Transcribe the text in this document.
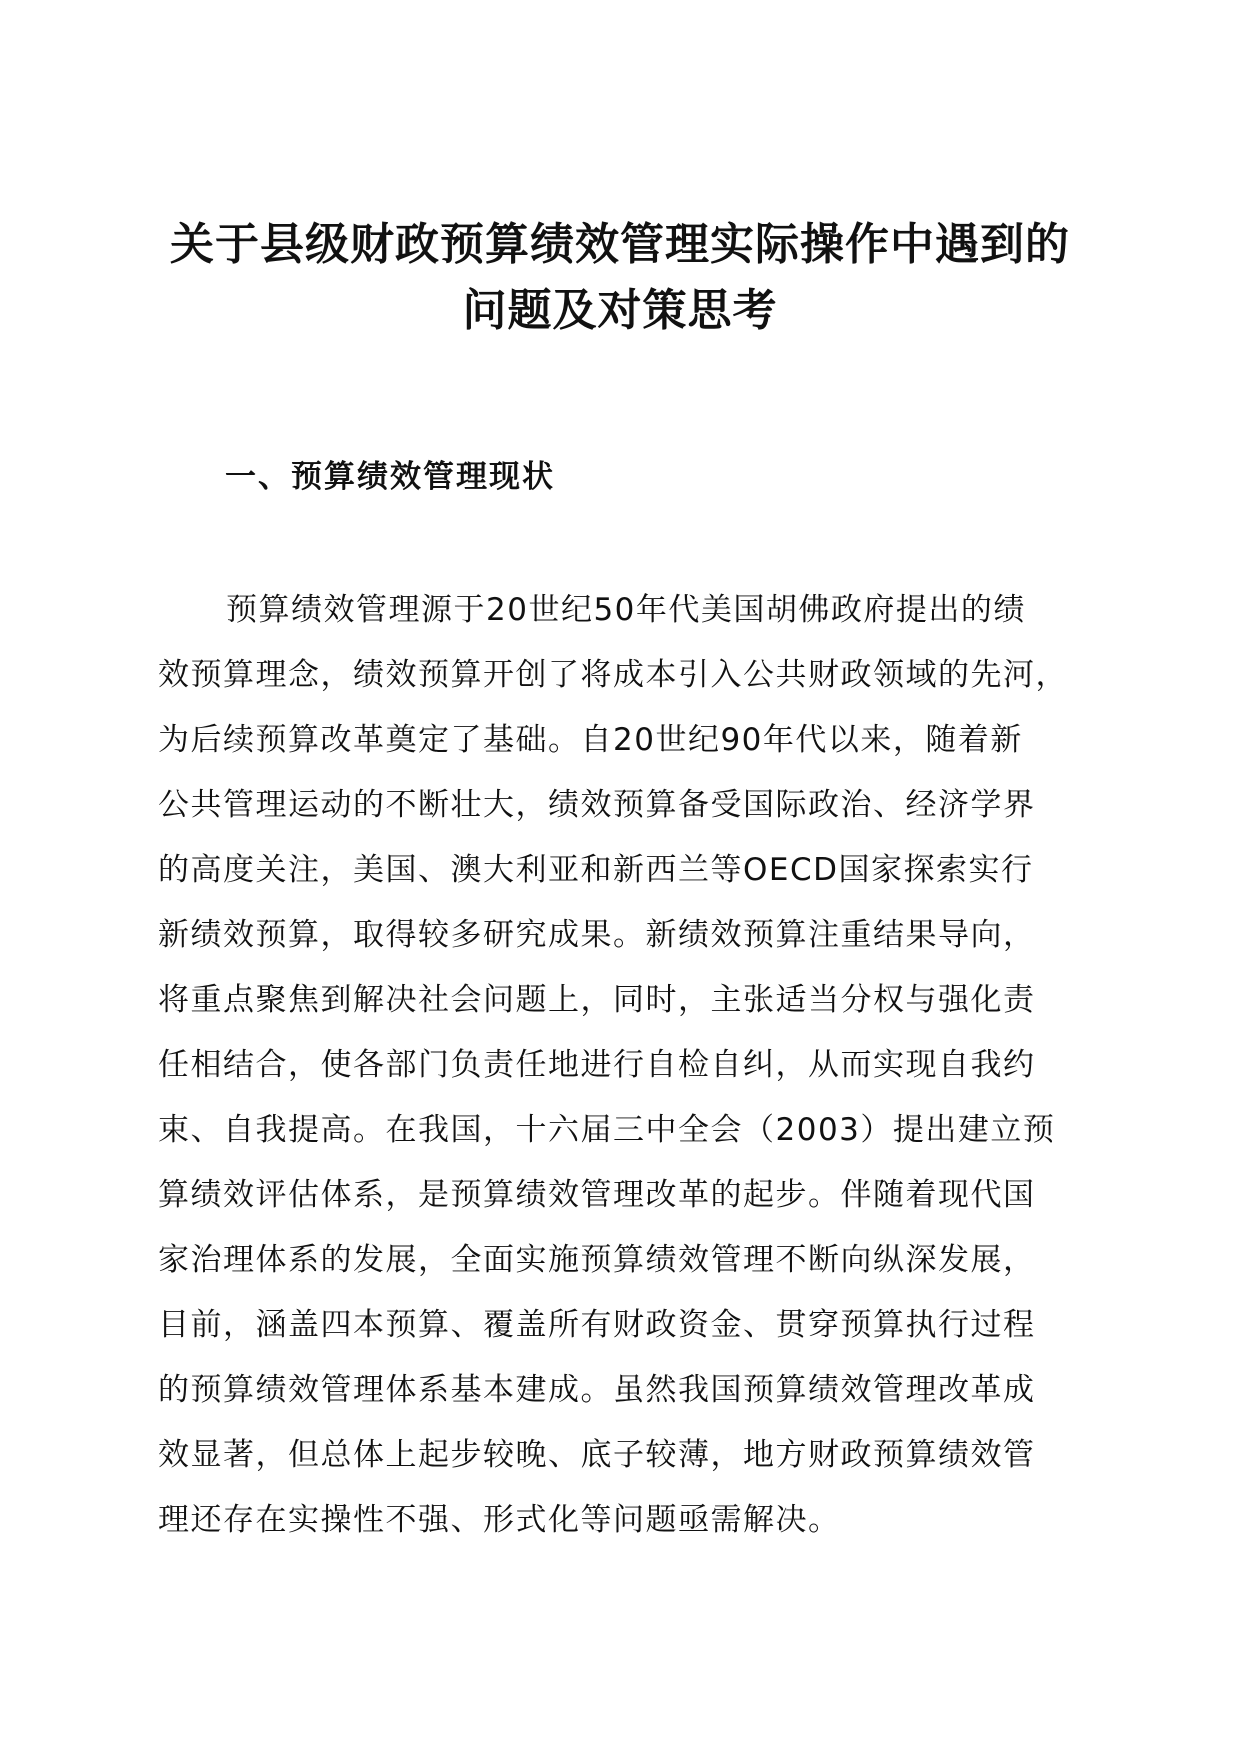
关于县级财政预算绩效管理实际操作中遇到的
问题及对策思考
一、预算绩效管理现状

预算绩效管理源于20世纪50年代美国胡佛政府提出的绩
效预算理念，绩效预算开创了将成本引入公共财政领域的先河，
为后续预算改革奠定了基础。自20世纪90年代以来，随着新
公共管理运动的不断壮大，绩效预算备受国际政治、经济学界
的高度关注，美国、澳大利亚和新西兰等OECD国家探索实行
新绩效预算，取得较多研究成果。新绩效预算注重结果导向，
将重点聚焦到解决社会问题上，同时，主张适当分权与强化责
任相结合，使各部门负责任地进行自检自纠，从而实现自我约
束、自我提高。在我国，十六届三中全会（2003）提出建立预
算绩效评估体系，是预算绩效管理改革的起步。伴随着现代国
家治理体系的发展，全面实施预算绩效管理不断向纵深发展，
目前，涵盖四本预算、覆盖所有财政资金、贯穿预算执行过程
的预算绩效管理体系基本建成。虽然我国预算绩效管理改革成
效显著，但总体上起步较晚、底子较薄，地方财政预算绩效管
理还存在实操性不强、形式化等问题亟需解决。
